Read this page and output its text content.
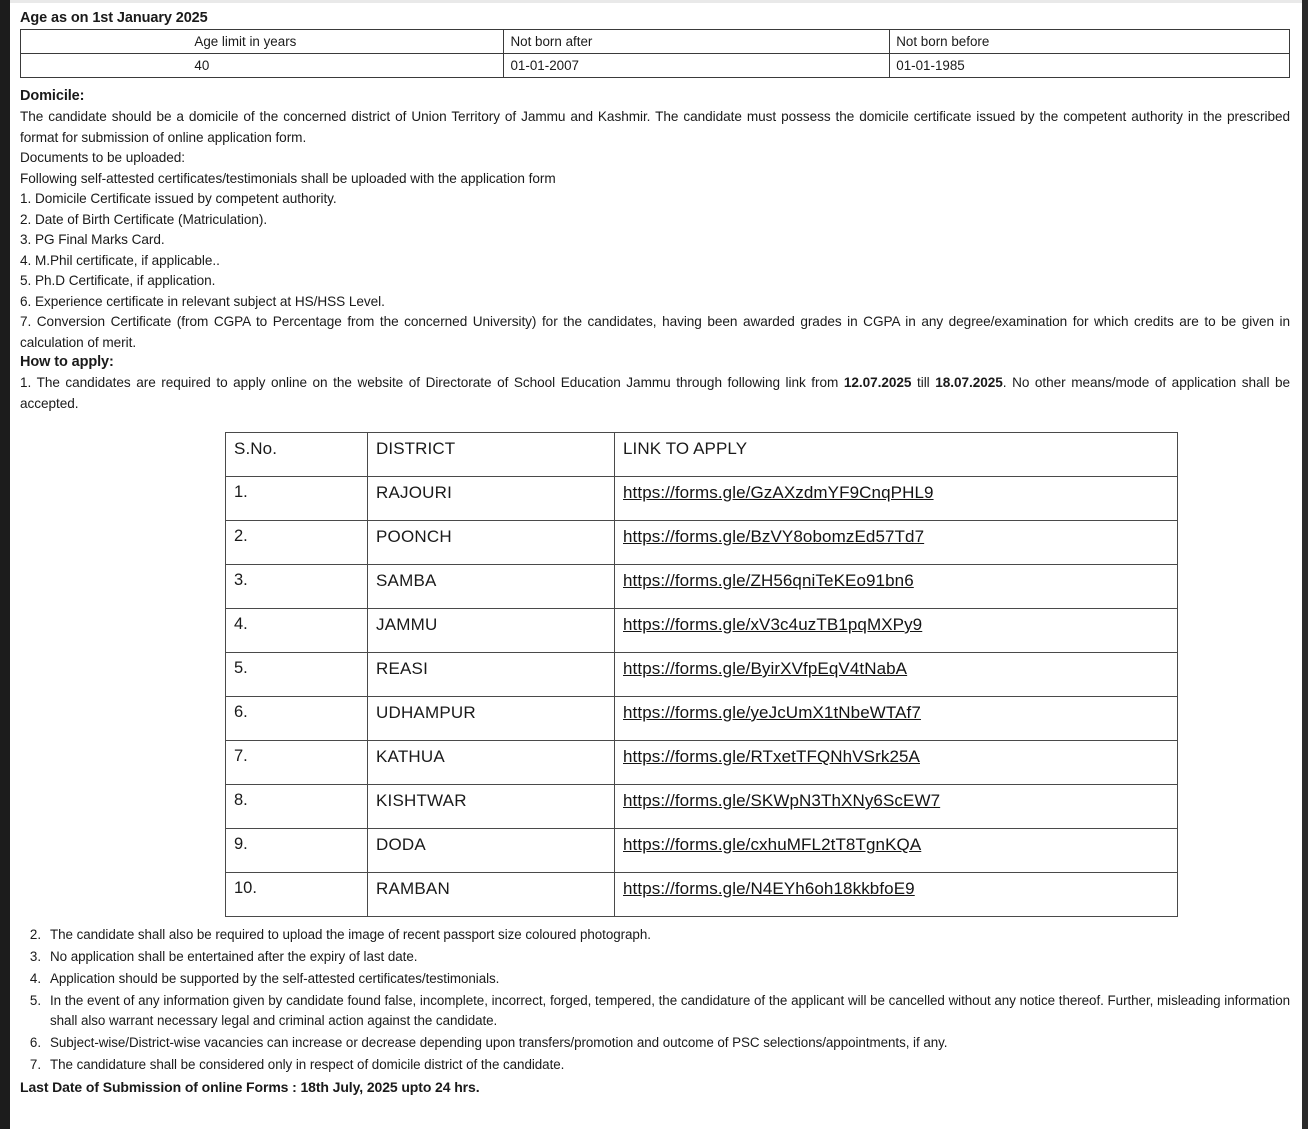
Age as on 1st January 2025
	Age limit in years	Not born after	Not born before
	40	01-01-2007	01-01-1985
Domicile:
The candidate should be a domicile of the concerned district of Union Territory of Jammu and Kashmir. The candidate must possess the domicile certificate issued by the competent authority in the prescribed format for submission of online application form.
Documents to be uploaded:
Following self-attested certificates/testimonials shall be uploaded with the application form
1. Domicile Certificate issued by competent authority.
2. Date of Birth Certificate (Matriculation).
3. PG Final Marks Card.
4. M.Phil certificate, if applicable..
5. Ph.D Certificate, if application.
6. Experience certificate in relevant subject at HS/HSS Level.
7. Conversion Certificate (from CGPA to Percentage from the concerned University) for the candidates, having been awarded grades in CGPA in any degree/examination for which credits are to be given in calculation of merit.
How to apply:
1. The candidates are required to apply online on the website of Directorate of School Education Jammu through following link from 12.07.2025 till 18.07.2025. No other means/mode of application shall be accepted.
S.No.	DISTRICT	LINK TO APPLY
1.	RAJOURI	https://forms.gle/GzAXzdmYF9CnqPHL9
2.	POONCH	https://forms.gle/BzVY8obomzEd57Td7
3.	SAMBA	https://forms.gle/ZH56qniTeKEo91bn6
4.	JAMMU	https://forms.gle/xV3c4uzTB1pqMXPy9
5.	REASI	https://forms.gle/ByirXVfpEqV4tNabA
6.	UDHAMPUR	https://forms.gle/yeJcUmX1tNbeWTAf7
7.	KATHUA	https://forms.gle/RTxetTFQNhVSrk25A
8.	KISHTWAR	https://forms.gle/SKWpN3ThXNy6ScEW7
9.	DODA	https://forms.gle/cxhuMFL2tT8TgnKQA
10.	RAMBAN	https://forms.gle/N4EYh6oh18kkbfoE9
2. The candidate shall also be required to upload the image of recent passport size coloured photograph.
3. No application shall be entertained after the expiry of last date.
4. Application should be supported by the self-attested certificates/testimonials.
5. In the event of any information given by candidate found false, incomplete, incorrect, forged, tempered, the candidature of the applicant will be cancelled without any notice thereof. Further, misleading information shall also warrant necessary legal and criminal action against the candidate.
6. Subject-wise/District-wise vacancies can increase or decrease depending upon transfers/promotion and outcome of PSC selections/appointments, if any.
7. The candidature shall be considered only in respect of domicile district of the candidate.
Last Date of Submission of online Forms : 18th July, 2025 upto 24 hrs.
